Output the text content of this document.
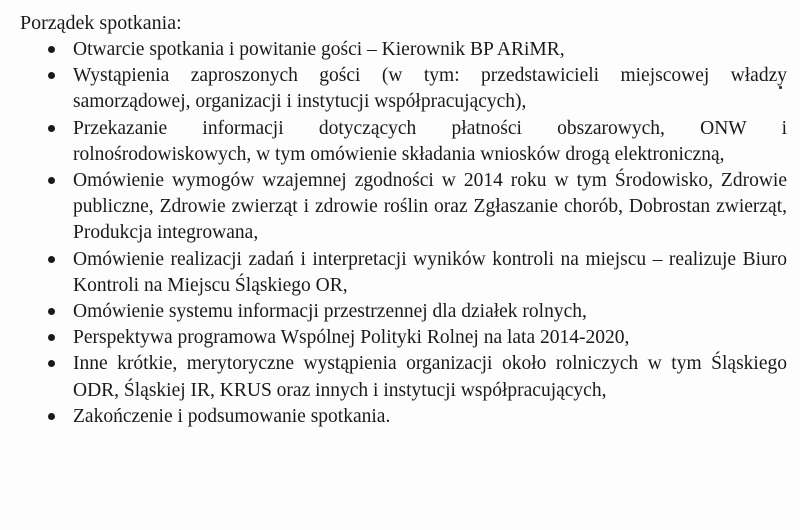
Porządek spotkania:
Otwarcie spotkania i powitanie gości – Kierownik BP ARiMR,
Wystąpienia zaproszonych gości (w tym: przedstawicieli miejscowej władzy samorządowej, organizacji i instytucji współpracujących),
Przekazanie informacji dotyczących płatności obszarowych, ONW i rolnośrodowiskowych, w tym omówienie składania wniosków drogą elektroniczną,
Omówienie wymogów wzajemnej zgodności w 2014 roku w tym Środowisko, Zdrowie publiczne, Zdrowie zwierząt i zdrowie roślin oraz Zgłaszanie chorób, Dobrostan zwierząt, Produkcja integrowana,
Omówienie realizacji zadań i interpretacji wyników kontroli na miejscu – realizuje Biuro Kontroli na Miejscu Śląskiego OR,
Omówienie systemu informacji przestrzennej dla działek rolnych,
Perspektywa programowa Wspólnej Polityki Rolnej na lata 2014-2020,
Inne krótkie, merytoryczne wystąpienia organizacji około rolniczych w tym Śląskiego ODR, Śląskiej IR, KRUS oraz innych i instytucji współpracujących,
Zakończenie i podsumowanie spotkania.
